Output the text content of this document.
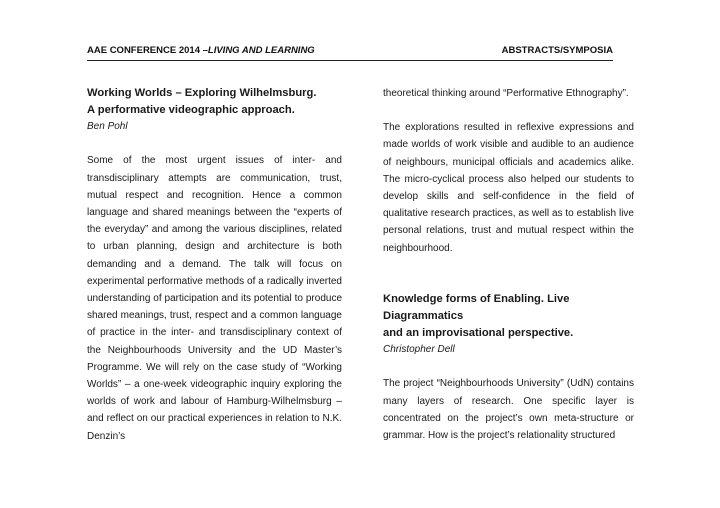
AAE CONFERENCE 2014 –LIVING AND LEARNING	ABSTRACTS/SYMPOSIA
Working Worlds – Exploring Wilhelmsburg.
A performative videographic approach.
Ben Pohl

Some of the most urgent issues of inter- and transdisciplinary attempts are communication, trust, mutual respect and recognition. Hence a common language and shared meanings between the “experts of the everyday” and among the various disciplines, related to urban planning, design and architecture is both demanding and a demand. The talk will focus on experimental performative methods of a radically inverted understanding of participation and its potential to produce shared meanings, trust, respect and a common language of practice in the inter- and transdisciplinary context of the Neighbourhoods University and the UD Master’s Programme. We will rely on the case study of “Working Worlds” – a one-week videographic inquiry exploring the worlds of work and labour of Hamburg-Wilhelmsburg – and reflect on our practical experiences in relation to N.K. Denzin’s

theoretical thinking around “Performative Ethnography”.

The explorations resulted in reflexive expressions and made worlds of work visible and audible to an audience of neighbours, municipal officials and academics alike. The micro-cyclical process also helped our students to develop skills and self-confidence in the field of qualitative research practices, as well as to establish live personal relations, trust and mutual respect within the neighbourhood.

Knowledge forms of Enabling. Live Diagrammatics
and an improvisational perspective.
Christopher Dell

The project “Neighbourhoods University” (UdN) contains many layers of research. One specific layer is concentrated on the project’s own meta-structure or grammar. How is the project’s relationality structured
